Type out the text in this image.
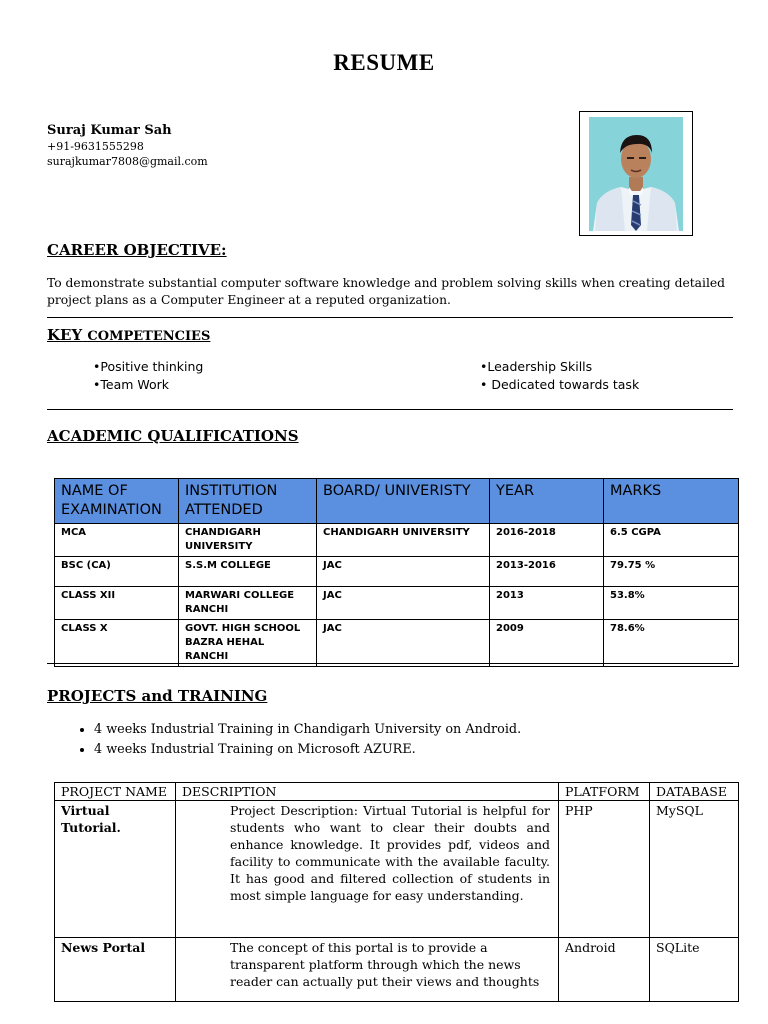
RESUME
Suraj Kumar Sah
+91-9631555298
surajkumar7808@gmail.com
CAREER OBJECTIVE:
To demonstrate substantial computer software knowledge and problem solving skills when creating detailed project plans as a Computer Engineer at a reputed organization.
KEY COMPETENCIES
•Positive thinking	•Leadership Skills
•Team Work	• Dedicated towards task
ACADEMIC QUALIFICATIONS
NAME OF EXAMINATION	INSTITUTION ATTENDED	BOARD/ UNIVERISTY	YEAR	MARKS
MCA	CHANDIGARH UNIVERSITY	CHANDIGARH UNIVERSITY	2016-2018	6.5 CGPA
BSC (CA)	S.S.M COLLEGE	JAC	2013-2016	79.75 %
CLASS XII	MARWARI COLLEGE RANCHI	JAC	2013	53.8%
CLASS X	GOVT. HIGH SCHOOL BAZRA HEHAL RANCHI	JAC	2009	78.6%
PROJECTS and TRAINING
• 4 weeks Industrial Training in Chandigarh University on Android.
• 4 weeks Industrial Training on Microsoft AZURE.
PROJECT NAME	DESCRIPTION	PLATFORM	DATABASE
Virtual Tutorial.	Project Description: Virtual Tutorial is helpful for students who want to clear their doubts and enhance knowledge. It provides pdf, videos and facility to communicate with the available faculty. It has good and filtered collection of students in most simple language for easy understanding.	PHP	MySQL
News Portal	The concept of this portal is to provide a transparent platform through which the news reader can actually put their views and thoughts	Android	SQLite
